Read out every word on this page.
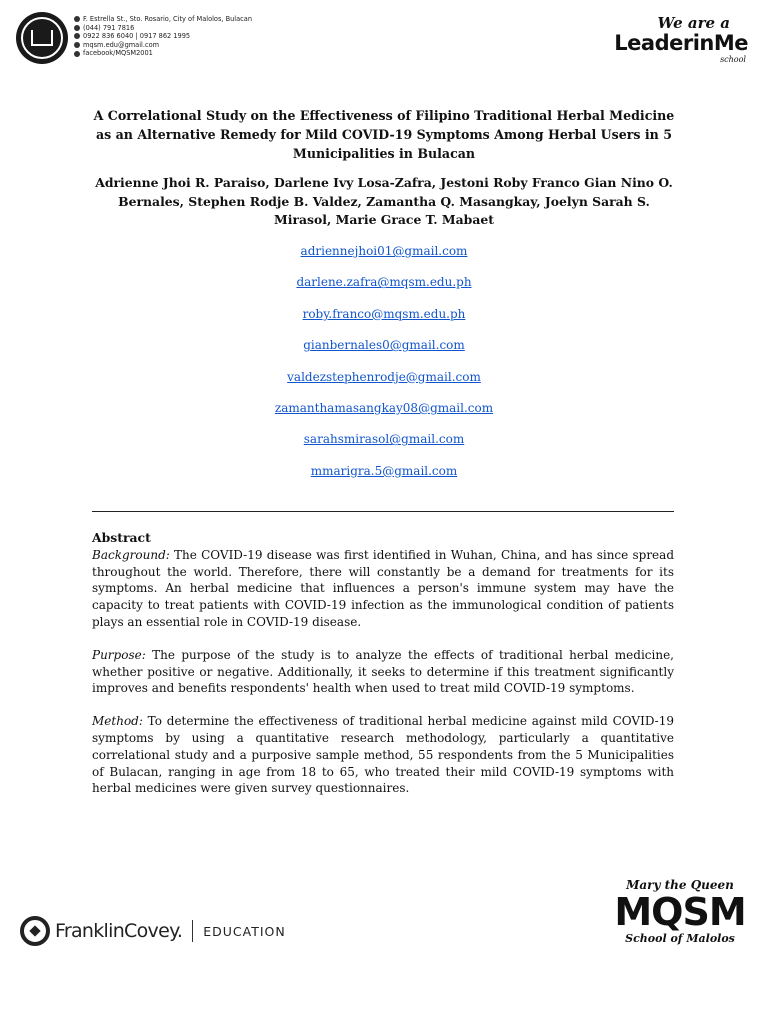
F. Estrella St., Sto. Rosario, City of Malolos, Bulacan
(044) 791 7816
0922 836 6040 | 0917 862 1995
mqsm.edu@gmail.com
facebook/MQSM2001
We are a
LeaderinMe
school
A Correlational Study on the Effectiveness of Filipino Traditional Herbal Medicine as an Alternative Remedy for Mild COVID-19 Symptoms Among Herbal Users in 5 Municipalities in Bulacan

Adrienne Jhoi R. Paraiso, Darlene Ivy Losa-Zafra, Jestoni Roby Franco Gian Nino O. Bernales, Stephen Rodje B. Valdez, Zamantha Q. Masangkay, Joelyn Sarah S. Mirasol, Marie Grace T. Mabaet

adriennejhoi01@gmail.com
darlene.zafra@mqsm.edu.ph
roby.franco@mqsm.edu.ph
gianbernales0@gmail.com
valdezstephenrodje@gmail.com
zamanthamasangkay08@gmail.com
sarahsmirasol@gmail.com
mmarigra.5@gmail.com
Abstract

Background: The COVID-19 disease was first identified in Wuhan, China, and has since spread throughout the world. Therefore, there will constantly be a demand for treatments for its symptoms. An herbal medicine that influences a person's immune system may have the capacity to treat patients with COVID-19 infection as the immunological condition of patients plays an essential role in COVID-19 disease.

Purpose: The purpose of the study is to analyze the effects of traditional herbal medicine, whether positive or negative. Additionally, it seeks to determine if this treatment significantly improves and benefits respondents' health when used to treat mild COVID-19 symptoms.

Method: To determine the effectiveness of traditional herbal medicine against mild COVID-19 symptoms by using a quantitative research methodology, particularly a quantitative correlational study and a purposive sample method, 55 respondents from the 5 Municipalities of Bulacan, ranging in age from 18 to 65, who treated their mild COVID-19 symptoms with herbal medicines were given survey questionnaires.

FranklinCovey. EDUCATION
Mary the Queen
MQSM
School of Malolos
